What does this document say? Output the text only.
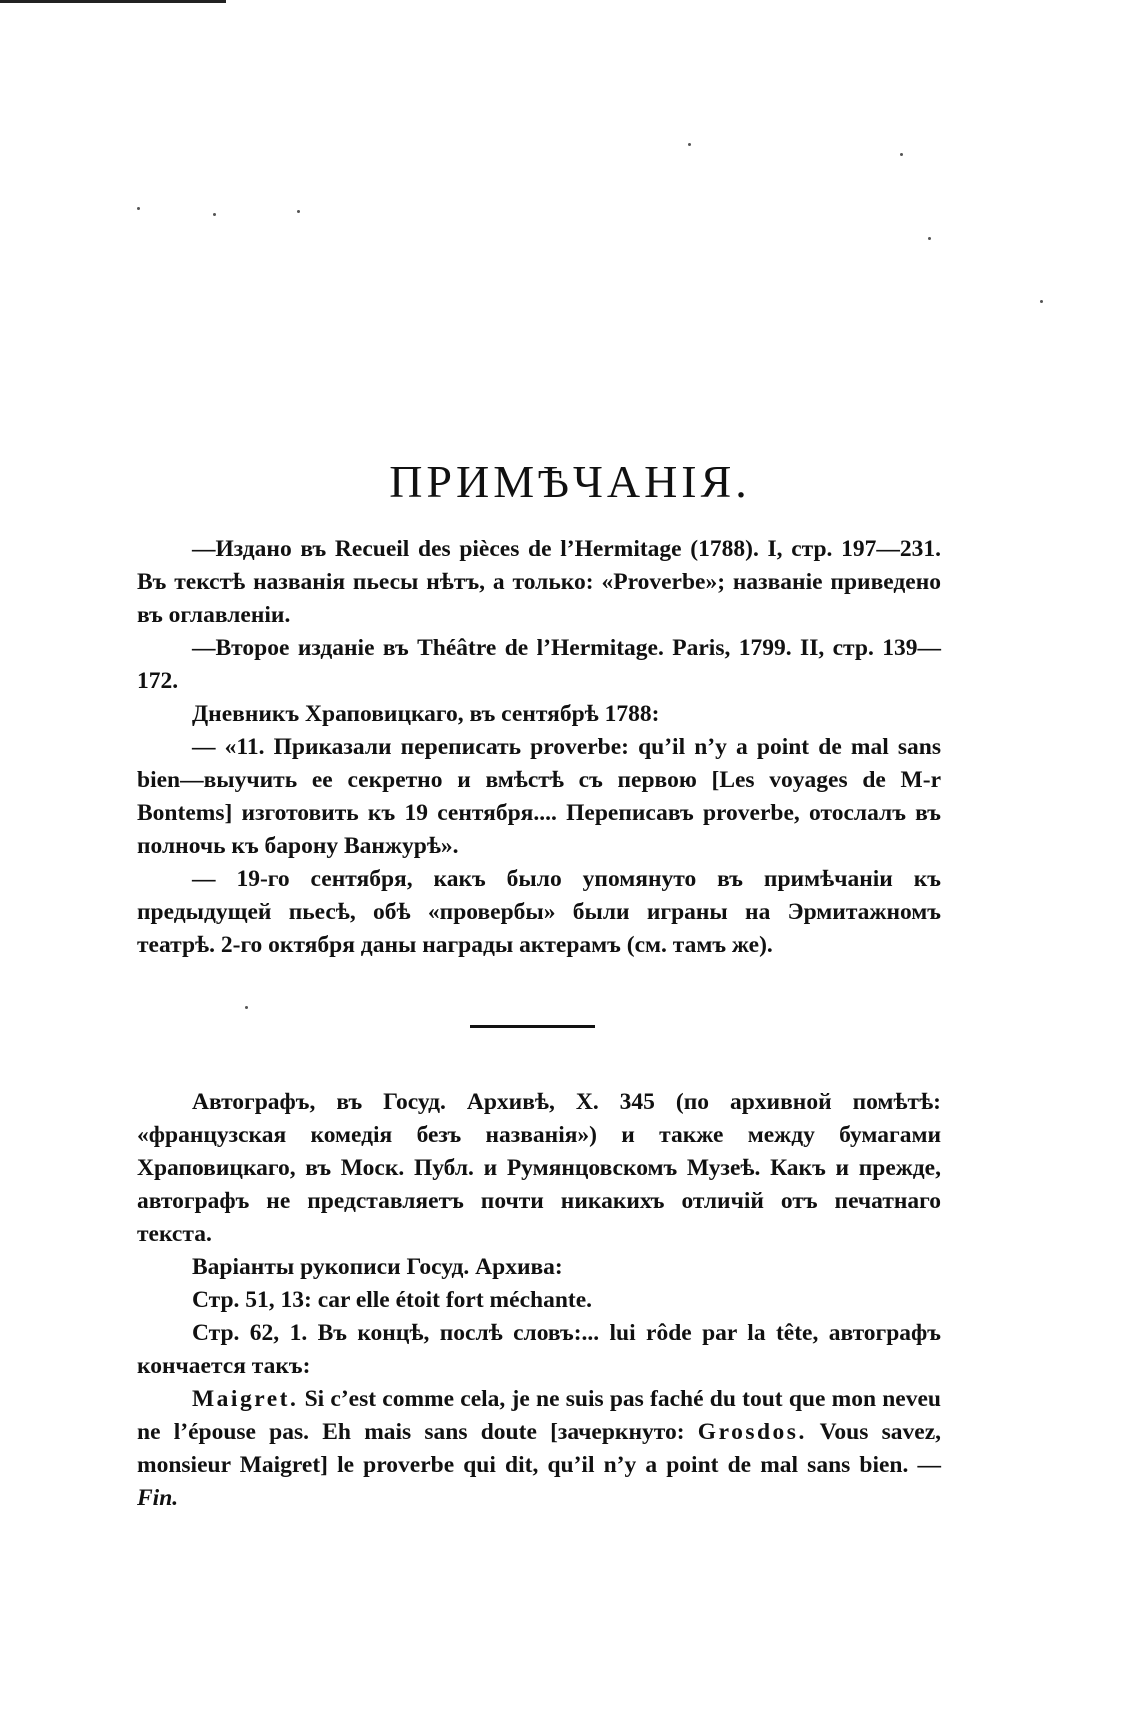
ПРИМѢЧАНІЯ.

—Издано въ Recueil des pièces de l’Hermitage (1788). I, стр. 197—231. Въ текстѣ названія пьесы нѣтъ, а только: «Proverbe»; названіе приведено въ оглавленіи.

—Второе изданіе въ Théâtre de l’Hermitage. Paris, 1799. II, стр. 139—172.

Дневникъ Храповицкаго, въ сентябрѣ 1788:

— «11. Приказали переписать proverbe: qu’il n’y a point de mal sans bien—выучить ее секретно и вмѣстѣ съ первою [Les voyages de M-r Bontems] изготовить къ 19 сентября.... Переписавъ proverbe, отослалъ въ полночь къ барону Ванжурѣ».

— 19-го сентября, какъ было упомянуто въ примѣчаніи къ предыдущей пьесѣ, обѣ «провербы» были играны на Эрмитажномъ театрѣ. 2-го октября даны награды актерамъ (см. тамъ же).

Автографъ, въ Госуд. Архивѣ, X. 345 (по архивной помѣтѣ: «французская комедія безъ названія») и также между бумагами Храповицкаго, въ Моск. Публ. и Румянцовскомъ Музеѣ. Какъ и прежде, автографъ не представляетъ почти никакихъ отличій отъ печатнаго текста.

Варіанты рукописи Госуд. Архива:

Стр. 51, 13: car elle étoit fort méchante.

Стр. 62, 1. Въ концѣ, послѣ словъ:... lui rôde par la tête, автографъ кончается такъ:

Maigret. Si c’est comme cela, je ne suis pas faché du tout que mon neveu ne l’épouse pas. Eh mais sans doute [зачеркнуто: Grosdos. Vous savez, monsieur Maigret] le proverbe qui dit, qu’il n’y a point de mal sans bien. — Fin.
